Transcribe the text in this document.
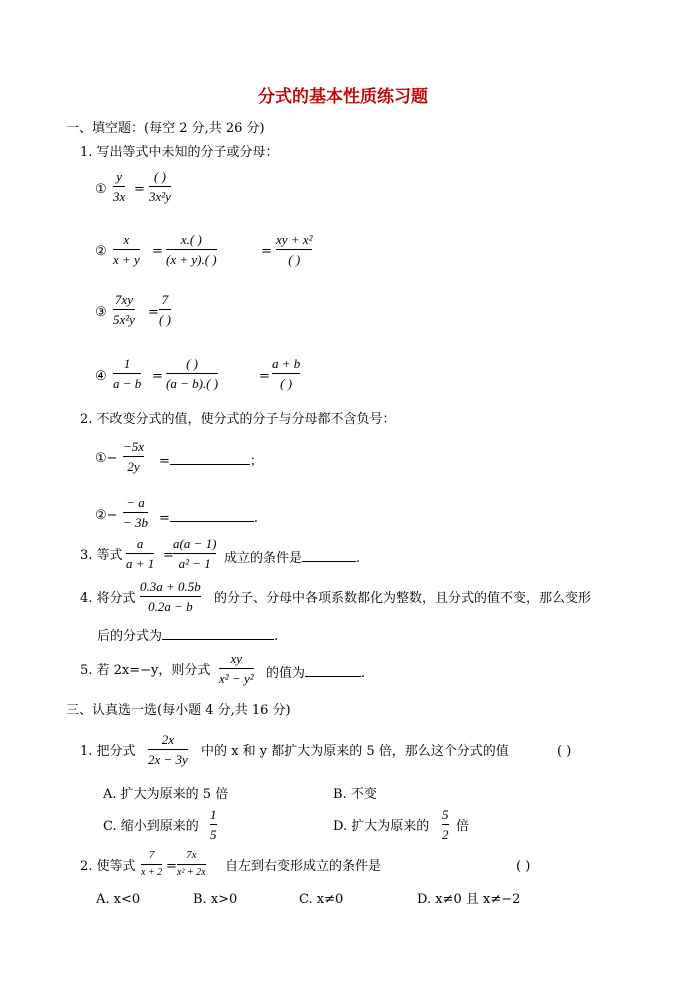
分式的基本性质练习题
一、填空题：(每空 2 分,共 26 分)
1. 写出等式中未知的分子或分母：
①
y
3x =
( )
3x²y
②
x
x + y
=
x.( )
(x + y).( )
=
xy + x²
( )
③
7xy
5x²y =
7
( )
④
1
a − b =
( )
(a − b).( )	=
a + b
( )
2. 不改变分式的值，使分式的分子与分母都不含负号：
①−
−5x
2y =	；
②−
− a
− 3b =	.
3. 等式
a
a + 1
=
a(a − 1)
a² − 1 成立的条件是	.
4. 将分式
0.3a + 0.5b
0.2a − b
的分子、分母中各项系数都化为整数，且分式的值不变，那么变形
后的分式为	.
5. 若 2x=−y，则分式
xy
x² − y² 的值为	.
三、认真选一选(每小题 4 分,共 16 分)
1. 把分式
2x
2x − 3y
中的 x 和 y 都扩大为原来的 5 倍，那么这个分式的值	( )
A. 扩大为原来的 5 倍	B. 不变
C. 缩小到原来的
1
5
D. 扩大为原来的
5
2
倍
2. 使等式
7
x + 2 =
7x
x² + 2x 自左到右变形成立的条件是	( )
A. x<0	B. x>0	C. x≠0	D. x≠0 且 x≠−2
